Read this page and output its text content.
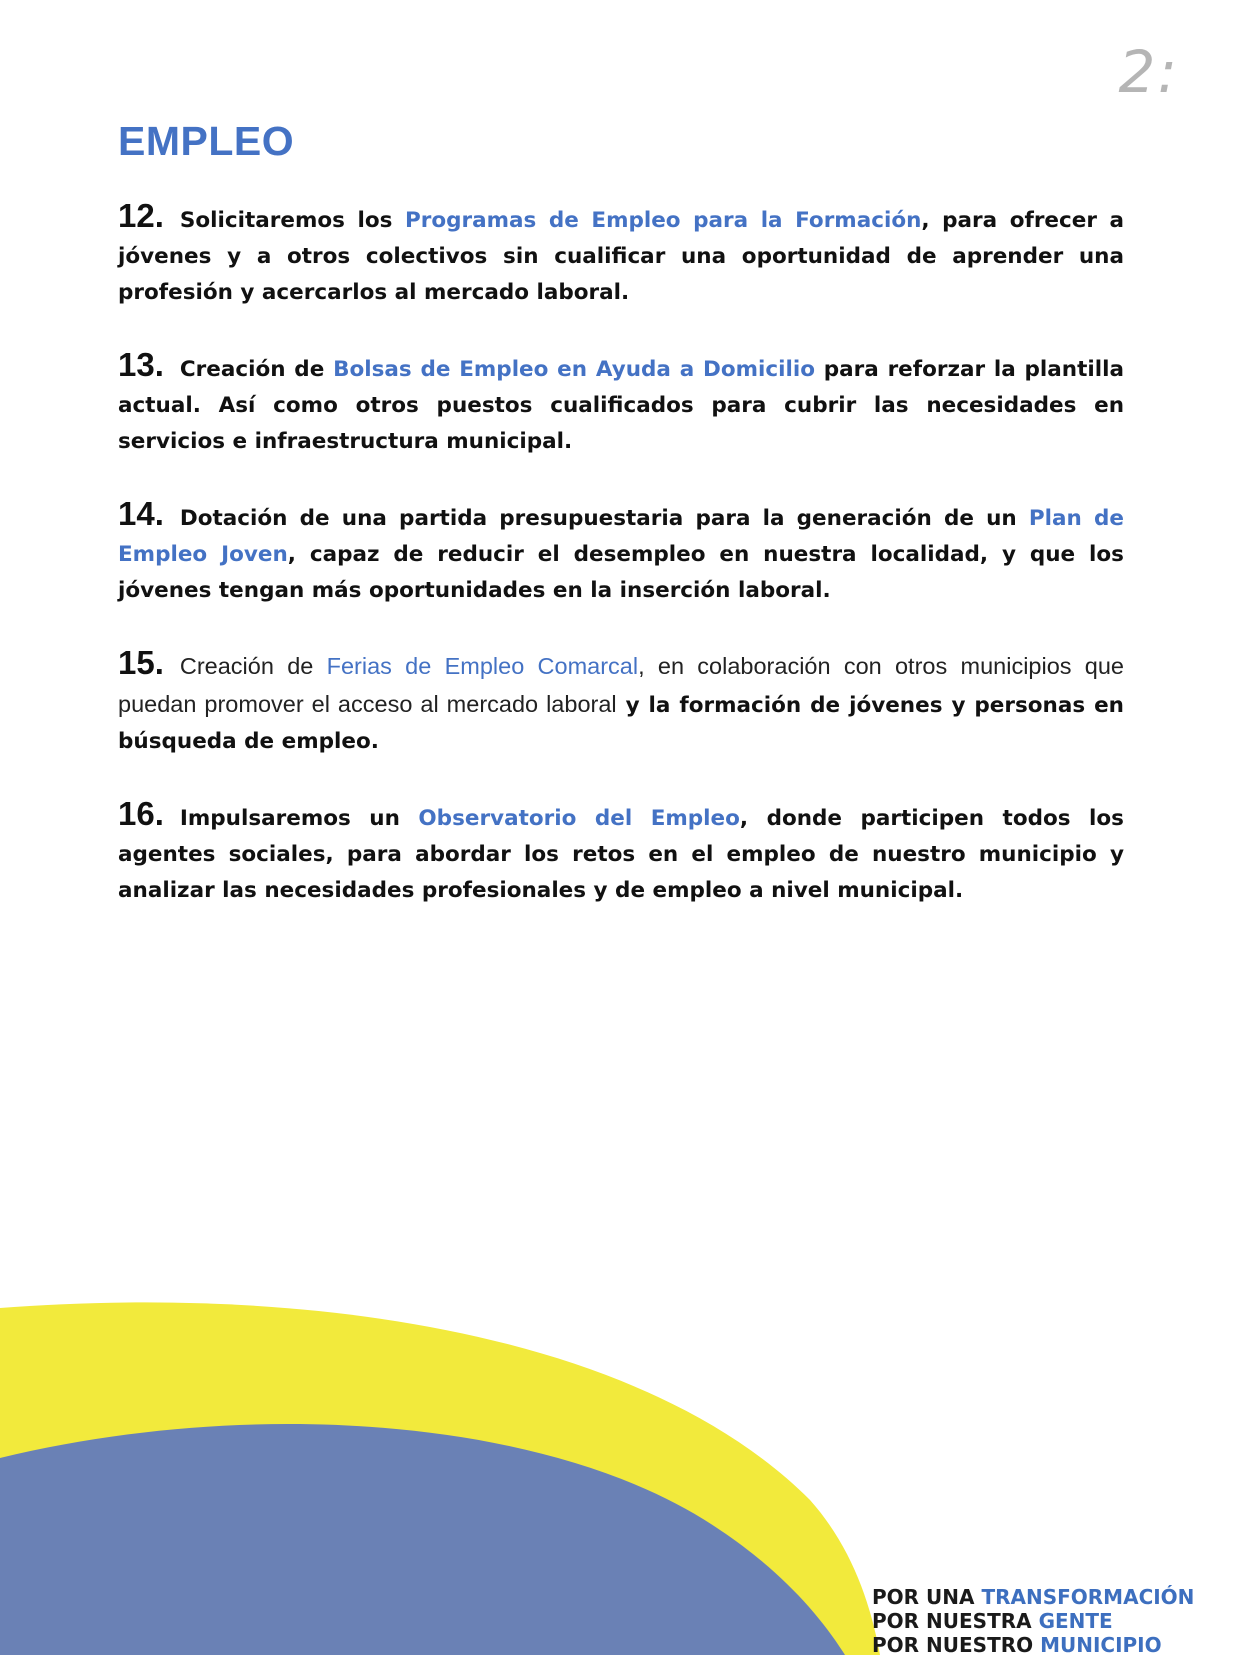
2:
EMPLEO

12. Solicitaremos los Programas de Empleo para la Formación, para ofrecer a jóvenes y a otros colectivos sin cualificar una oportunidad de aprender una profesión y acercarlos al mercado laboral.

13. Creación de Bolsas de Empleo en Ayuda a Domicilio para reforzar la plantilla actual. Así como otros puestos cualificados para cubrir las necesidades en servicios e infraestructura municipal.

14. Dotación de una partida presupuestaria para la generación de un Plan de Empleo Joven, capaz de reducir el desempleo en nuestra localidad, y que los jóvenes tengan más oportunidades en la inserción laboral.

15. Creación de Ferias de Empleo Comarcal, en colaboración con otros municipios que puedan promover el acceso al mercado laboral y la formación de jóvenes y personas en búsqueda de empleo.

16. Impulsaremos un Observatorio del Empleo, donde participen todos los agentes sociales, para abordar los retos en el empleo de nuestro municipio y analizar las necesidades profesionales y de empleo a nivel municipal.

POR UNA TRANSFORMACIÓN
POR NUESTRA GENTE
POR NUESTRO MUNICIPIO
